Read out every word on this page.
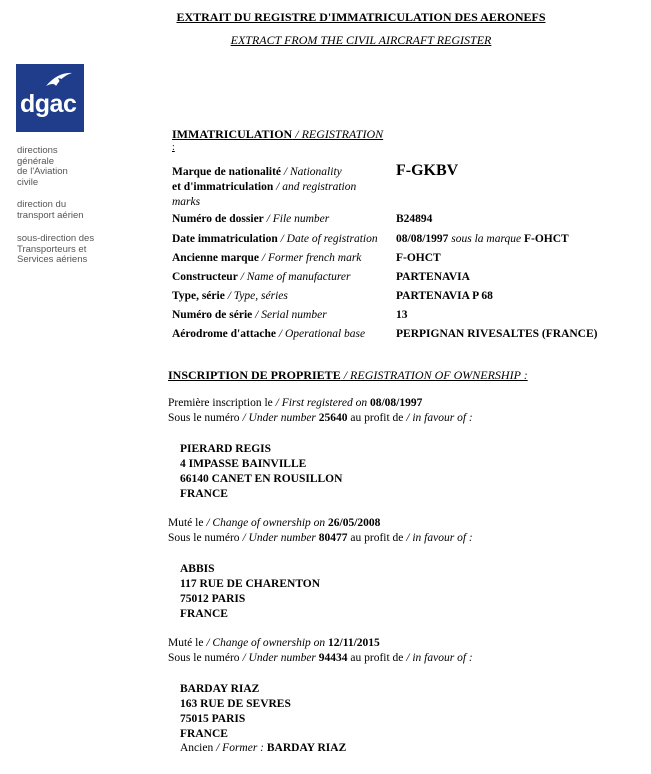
EXTRAIT DU REGISTRE D'IMMATRICULATION DES AERONEFS
EXTRACT FROM THE CIVIL AIRCRAFT REGISTER
dgac
directions
générale
de l'Aviation
civile
direction du
transport aérien
sous-direction des
Transporteurs et
Services aériens
IMMATRICULATION / REGISTRATION
:
Marque de nationalité / Nationality
et d'immatriculation / and registration
marks
F-GKBV
Numéro de dossier / File number	B24894
Date immatriculation / Date of registration 08/08/1997 sous la marque F-OHCT
Ancienne marque / Former french mark	F-OHCT
Constructeur / Name of manufacturer	PARTENAVIA
Type, série / Type, séries	PARTENAVIA P 68
Numéro de série / Serial number	13
Aérodrome d'attache / Operational base	PERPIGNAN RIVESALTES (FRANCE)
INSCRIPTION DE PROPRIETE / REGISTRATION OF OWNERSHIP :
Première inscription le / First registered on 08/08/1997
Sous le numéro / Under number 25640 au profit de / in favour of :
PIERARD REGIS
4 IMPASSE BAINVILLE
66140 CANET EN ROUSILLON
FRANCE
Muté le / Change of ownership on 26/05/2008
Sous le numéro / Under number 80477 au profit de / in favour of :
ABBIS
117 RUE DE CHARENTON
75012 PARIS
FRANCE
Muté le / Change of ownership on 12/11/2015
Sous le numéro / Under number 94434 au profit de / in favour of :
BARDAY RIAZ
163 RUE DE SEVRES
75015 PARIS
FRANCE
Ancien / Former : BARDAY RIAZ
